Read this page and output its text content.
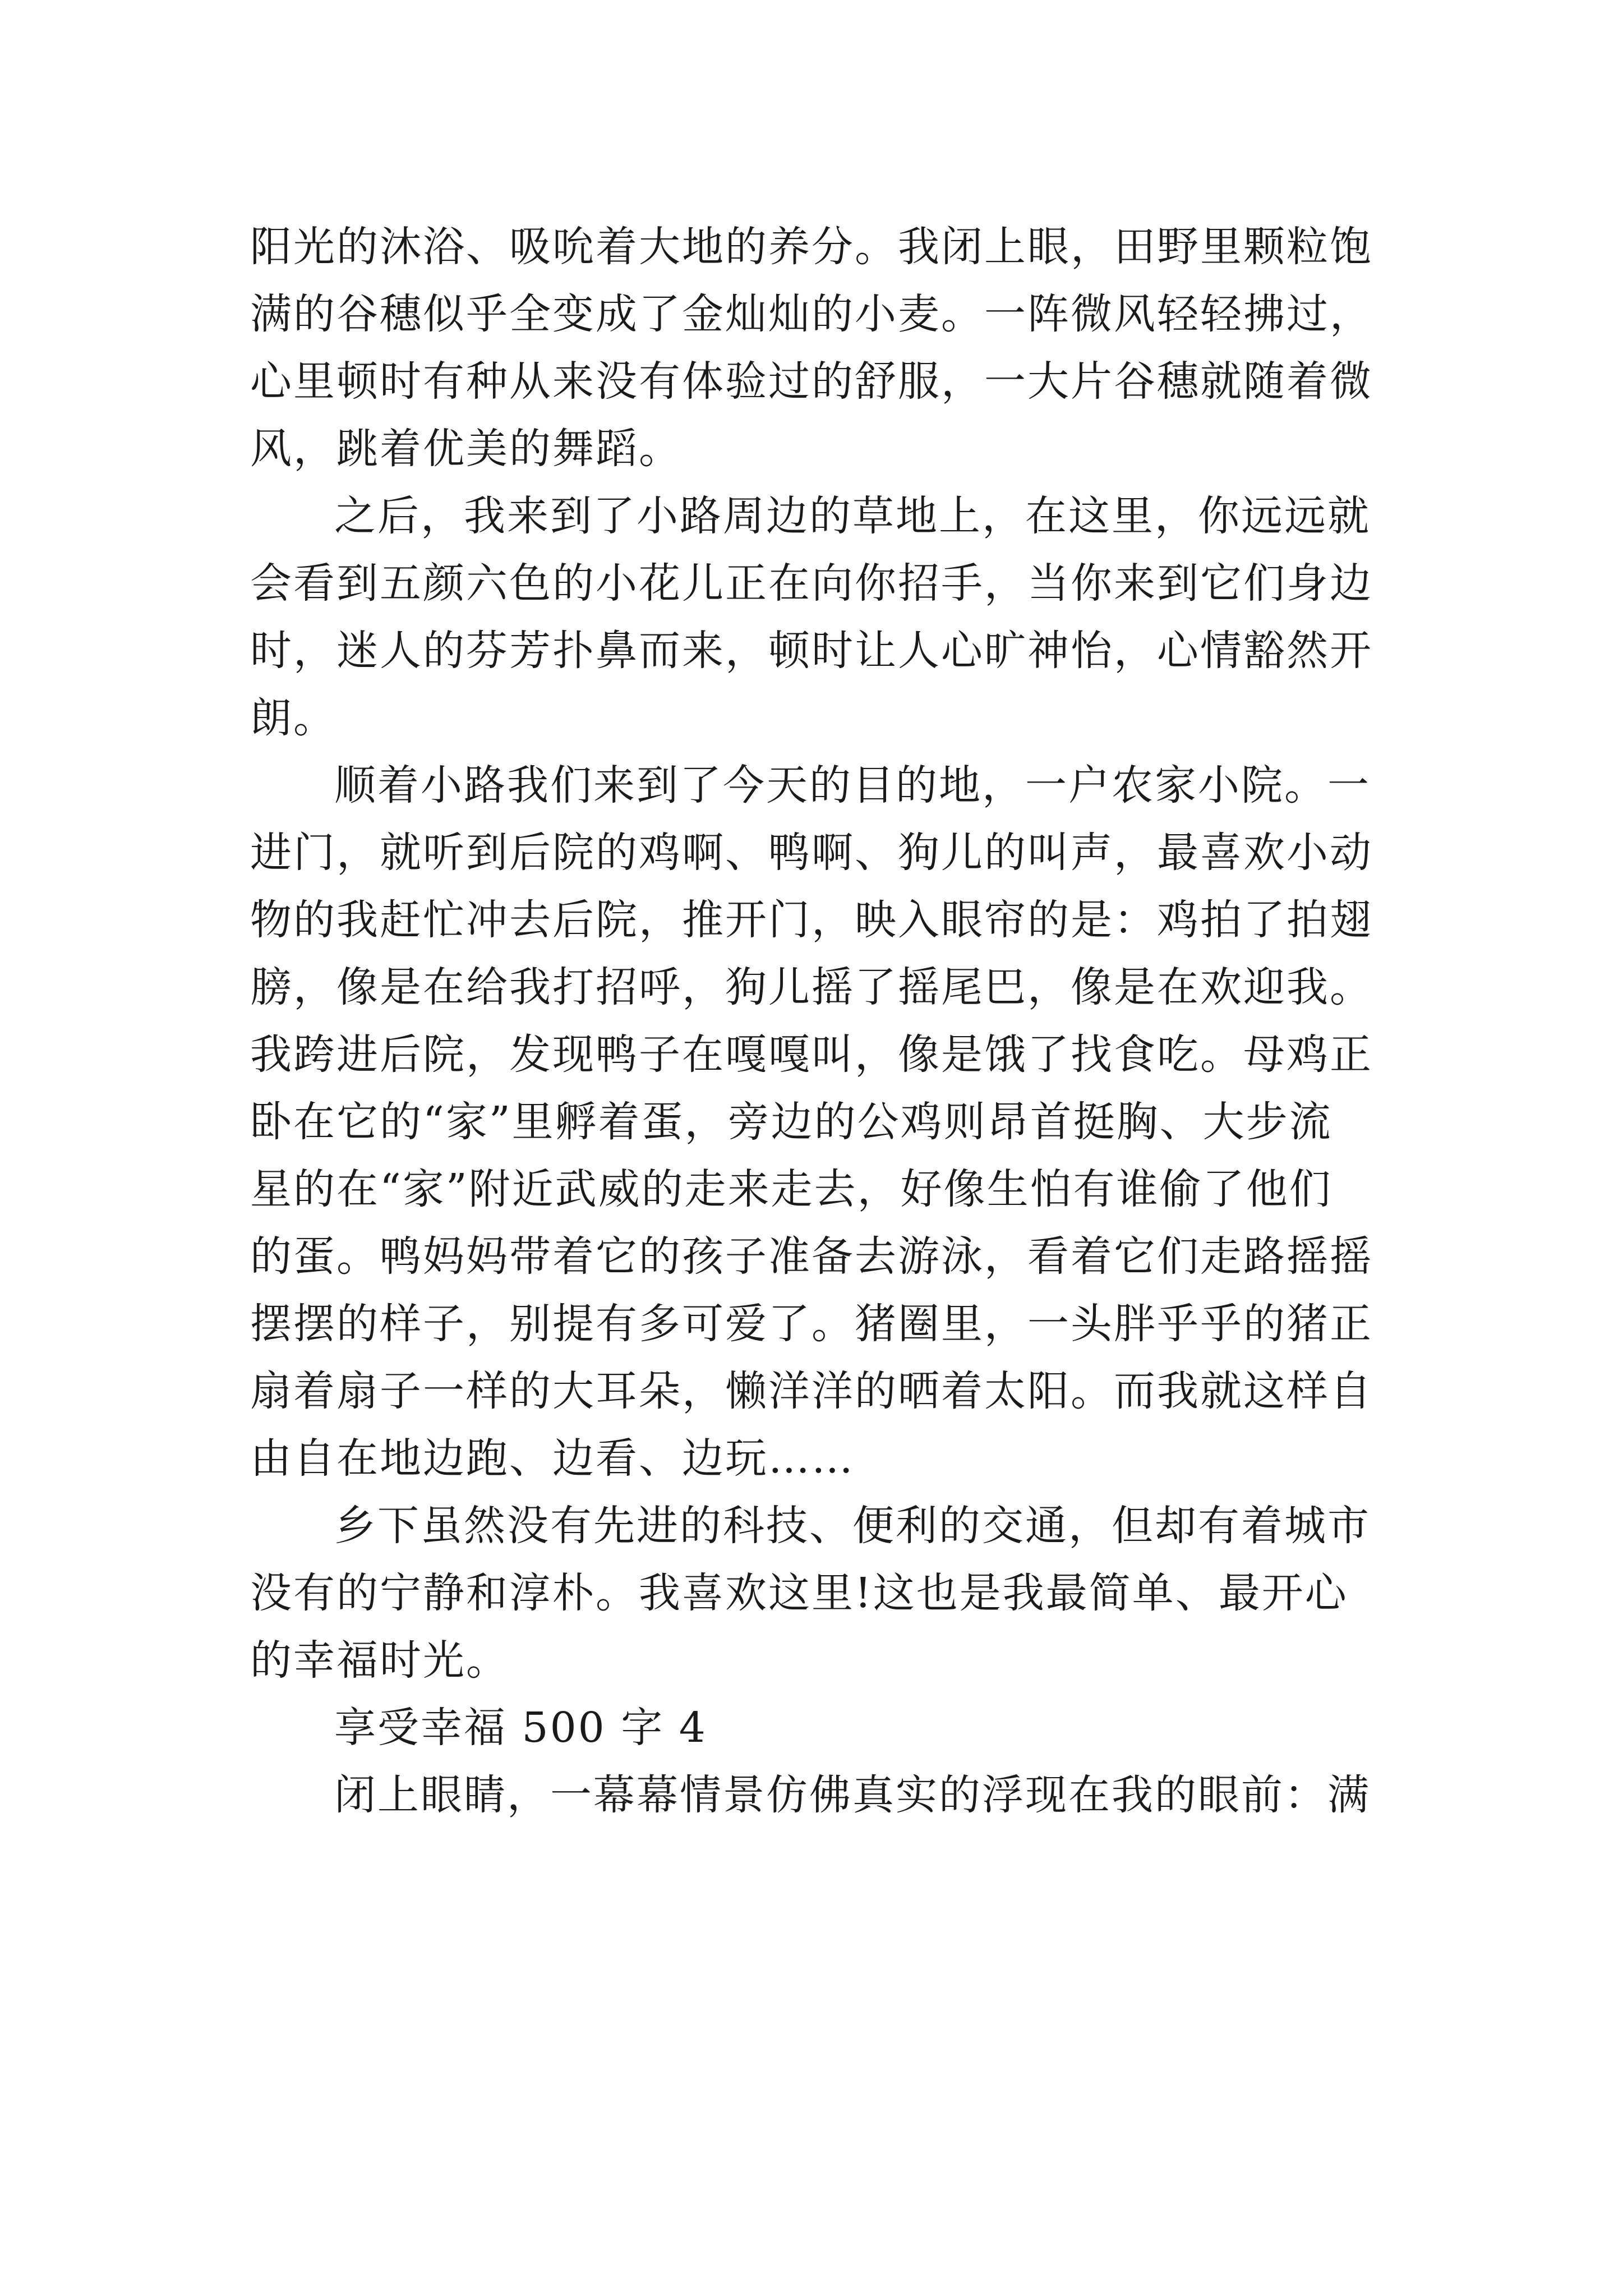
阳光的沐浴、吸吮着大地的养分。我闭上眼，田野里颗粒饱
满的谷穗似乎全变成了金灿灿的小麦。一阵微风轻轻拂过，
心里顿时有种从来没有体验过的舒服，一大片谷穗就随着微
风，跳着优美的舞蹈。
之后，我来到了小路周边的草地上，在这里，你远远就
会看到五颜六色的小花儿正在向你招手，当你来到它们身边
时，迷人的芬芳扑鼻而来，顿时让人心旷神怡，心情豁然开
朗。
顺着小路我们来到了今天的目的地，一户农家小院。一
进门，就听到后院的鸡啊、鸭啊、狗儿的叫声，最喜欢小动
物的我赶忙冲去后院，推开门，映入眼帘的是：鸡拍了拍翅
膀，像是在给我打招呼，狗儿摇了摇尾巴，像是在欢迎我。
我跨进后院，发现鸭子在嘎嘎叫，像是饿了找食吃。母鸡正
卧在它的“家”里孵着蛋，旁边的公鸡则昂首挺胸、大步流
星的在“家”附近武威的走来走去，好像生怕有谁偷了他们
的蛋。鸭妈妈带着它的孩子准备去游泳，看着它们走路摇摇
摆摆的样子，别提有多可爱了。猪圈里，一头胖乎乎的猪正
扇着扇子一样的大耳朵，懒洋洋的晒着太阳。而我就这样自
由自在地边跑、边看、边玩……
乡下虽然没有先进的科技、便利的交通，但却有着城市
没有的宁静和淳朴。我喜欢这里!这也是我最简单、最开心
的幸福时光。
享受幸福 500 字 4
闭上眼睛，一幕幕情景仿佛真实的浮现在我的眼前：满
